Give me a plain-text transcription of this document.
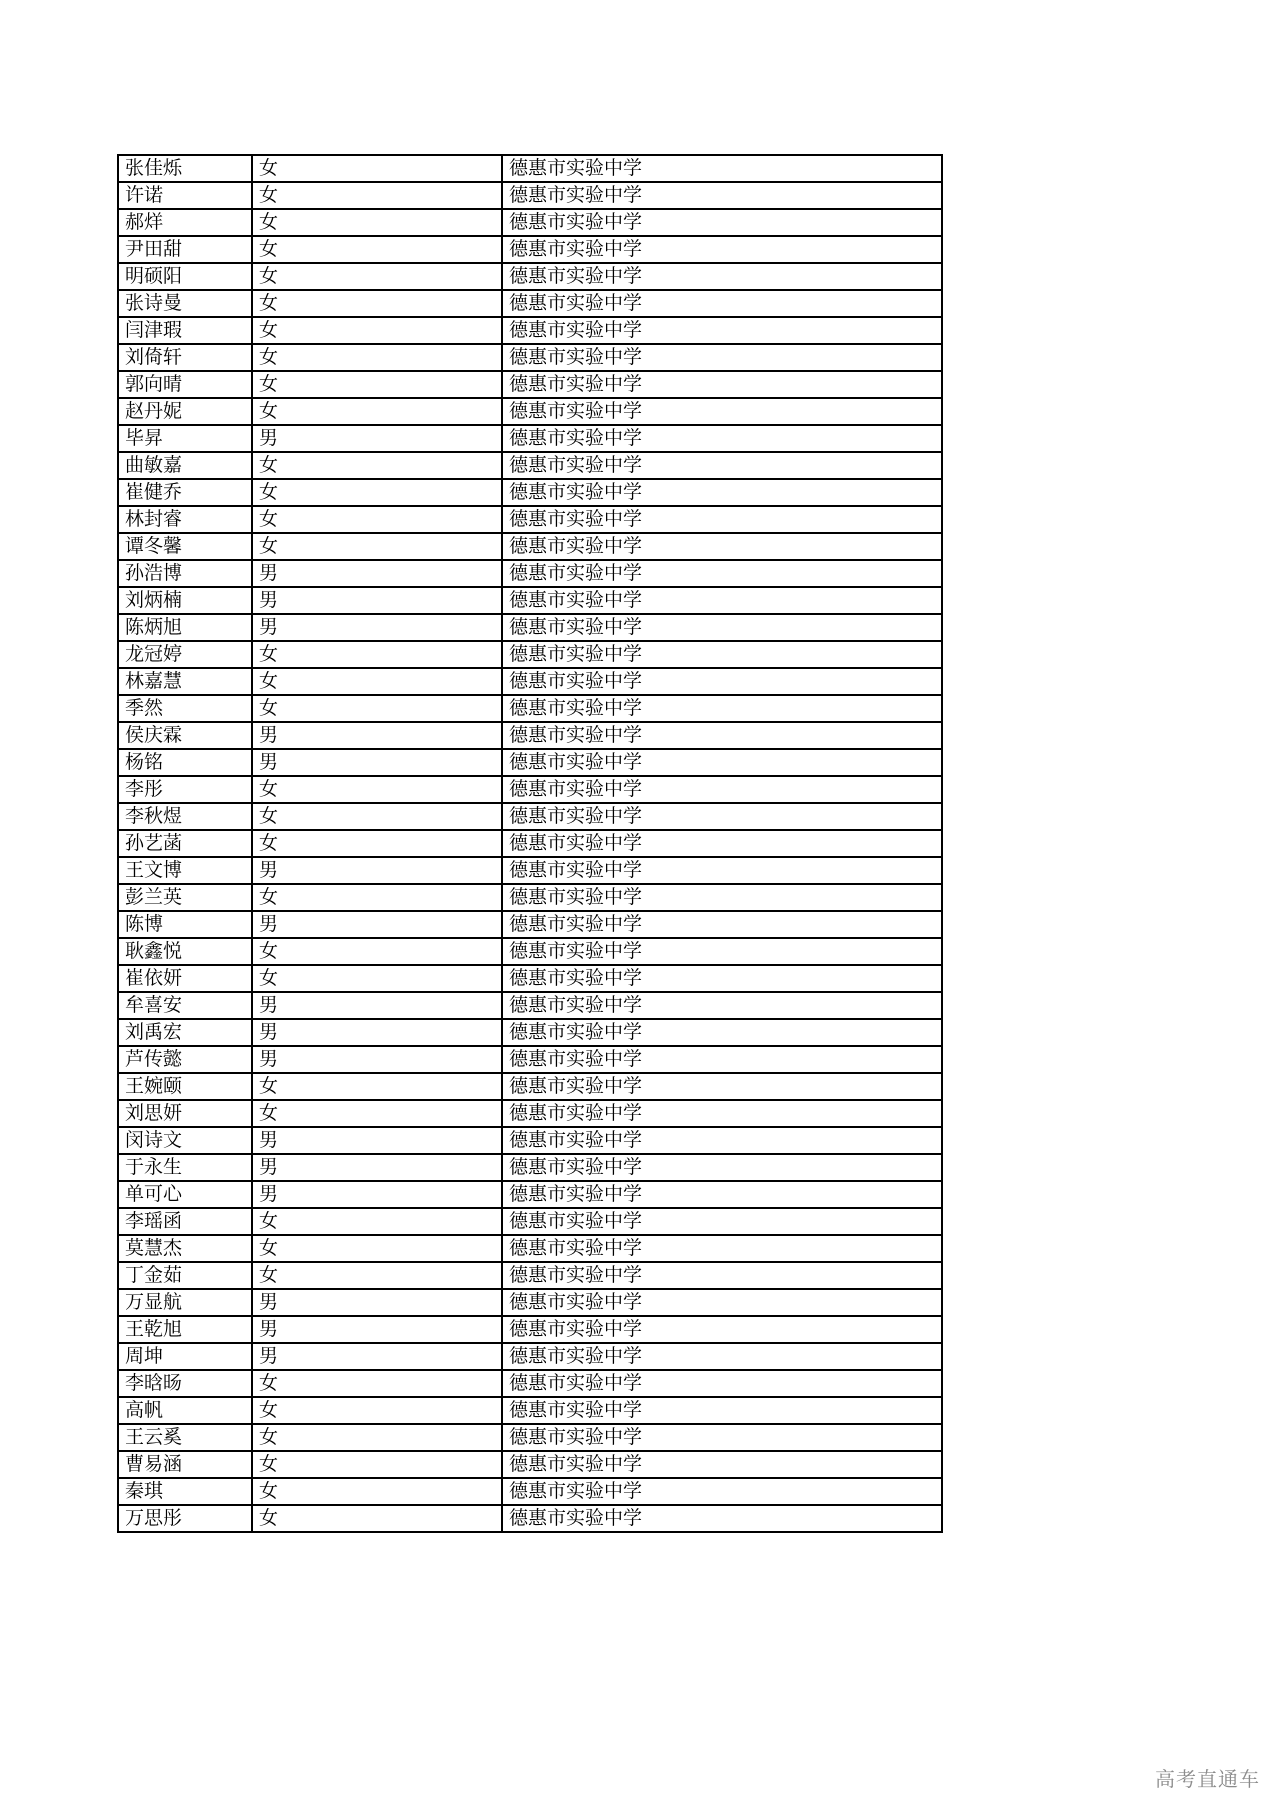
张佳烁	女	德惠市实验中学
许诺	女	德惠市实验中学
郝烊	女	德惠市实验中学
尹田甜	女	德惠市实验中学
明硕阳	女	德惠市实验中学
张诗曼	女	德惠市实验中学
闫津瑕	女	德惠市实验中学
刘倚轩	女	德惠市实验中学
郭向晴	女	德惠市实验中学
赵丹妮	女	德惠市实验中学
毕昇	男	德惠市实验中学
曲敏嘉	女	德惠市实验中学
崔健乔	女	德惠市实验中学
林封睿	女	德惠市实验中学
谭冬馨	女	德惠市实验中学
孙浩博	男	德惠市实验中学
刘炳楠	男	德惠市实验中学
陈炳旭	男	德惠市实验中学
龙冠婷	女	德惠市实验中学
林嘉慧	女	德惠市实验中学
季然	女	德惠市实验中学
侯庆霖	男	德惠市实验中学
杨铭	男	德惠市实验中学
李彤	女	德惠市实验中学
李秋煜	女	德惠市实验中学
孙艺菡	女	德惠市实验中学
王文博	男	德惠市实验中学
彭兰英	女	德惠市实验中学
陈博	男	德惠市实验中学
耿鑫悦	女	德惠市实验中学
崔依妍	女	德惠市实验中学
牟喜安	男	德惠市实验中学
刘禹宏	男	德惠市实验中学
芦传懿	男	德惠市实验中学
王婉颐	女	德惠市实验中学
刘思妍	女	德惠市实验中学
闵诗文	男	德惠市实验中学
于永生	男	德惠市实验中学
单可心	男	德惠市实验中学
李瑶函	女	德惠市实验中学
莫慧杰	女	德惠市实验中学
丁金茹	女	德惠市实验中学
万显航	男	德惠市实验中学
王乾旭	男	德惠市实验中学
周坤	男	德惠市实验中学
李晗旸	女	德惠市实验中学
高帆	女	德惠市实验中学
王云奚	女	德惠市实验中学
曹易涵	女	德惠市实验中学
秦琪	女	德惠市实验中学
万思彤	女	德惠市实验中学
高考直通车
